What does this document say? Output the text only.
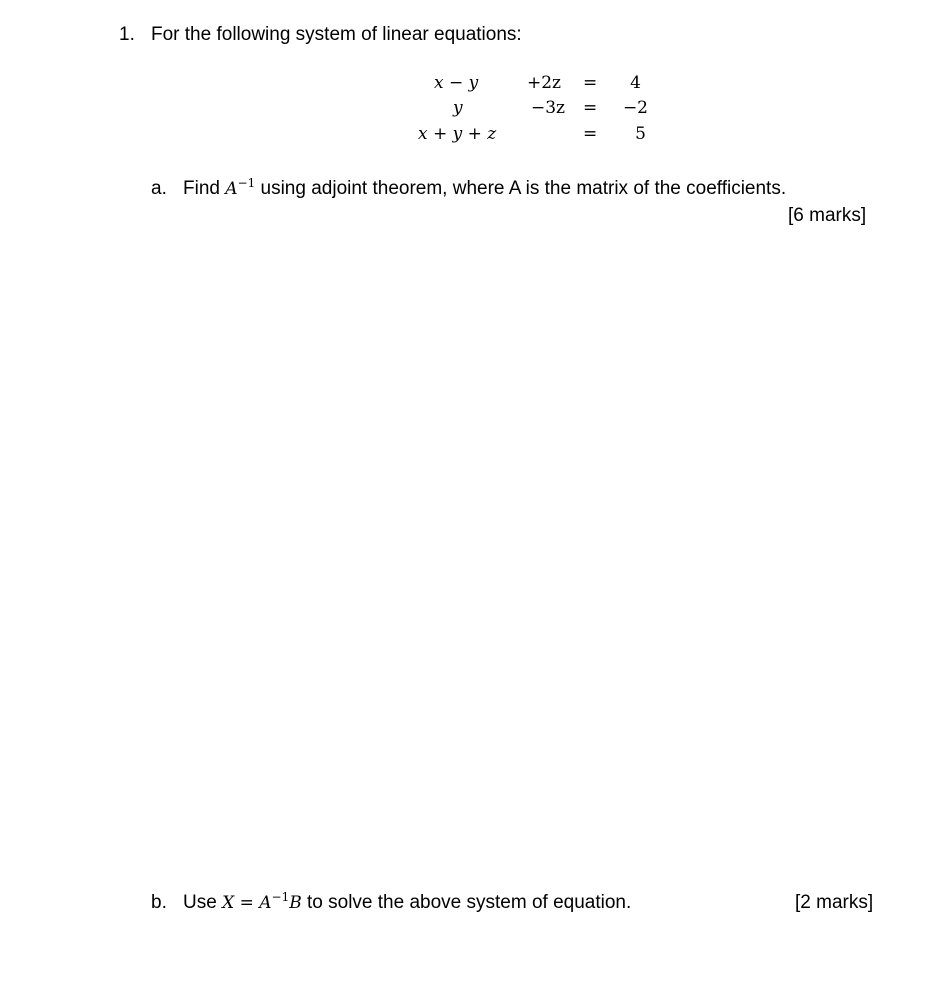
1. For the following system of linear equations:
x − y	+2z =	4
y	−3z =	−2
x + y + z	=	5
a. Find $A^{-1}$ using adjoint theorem, where A is the matrix of the coefficients.
[6 marks]
b. Use $X = A^{-1}B$ to solve the above system of equation.	[2 marks]
